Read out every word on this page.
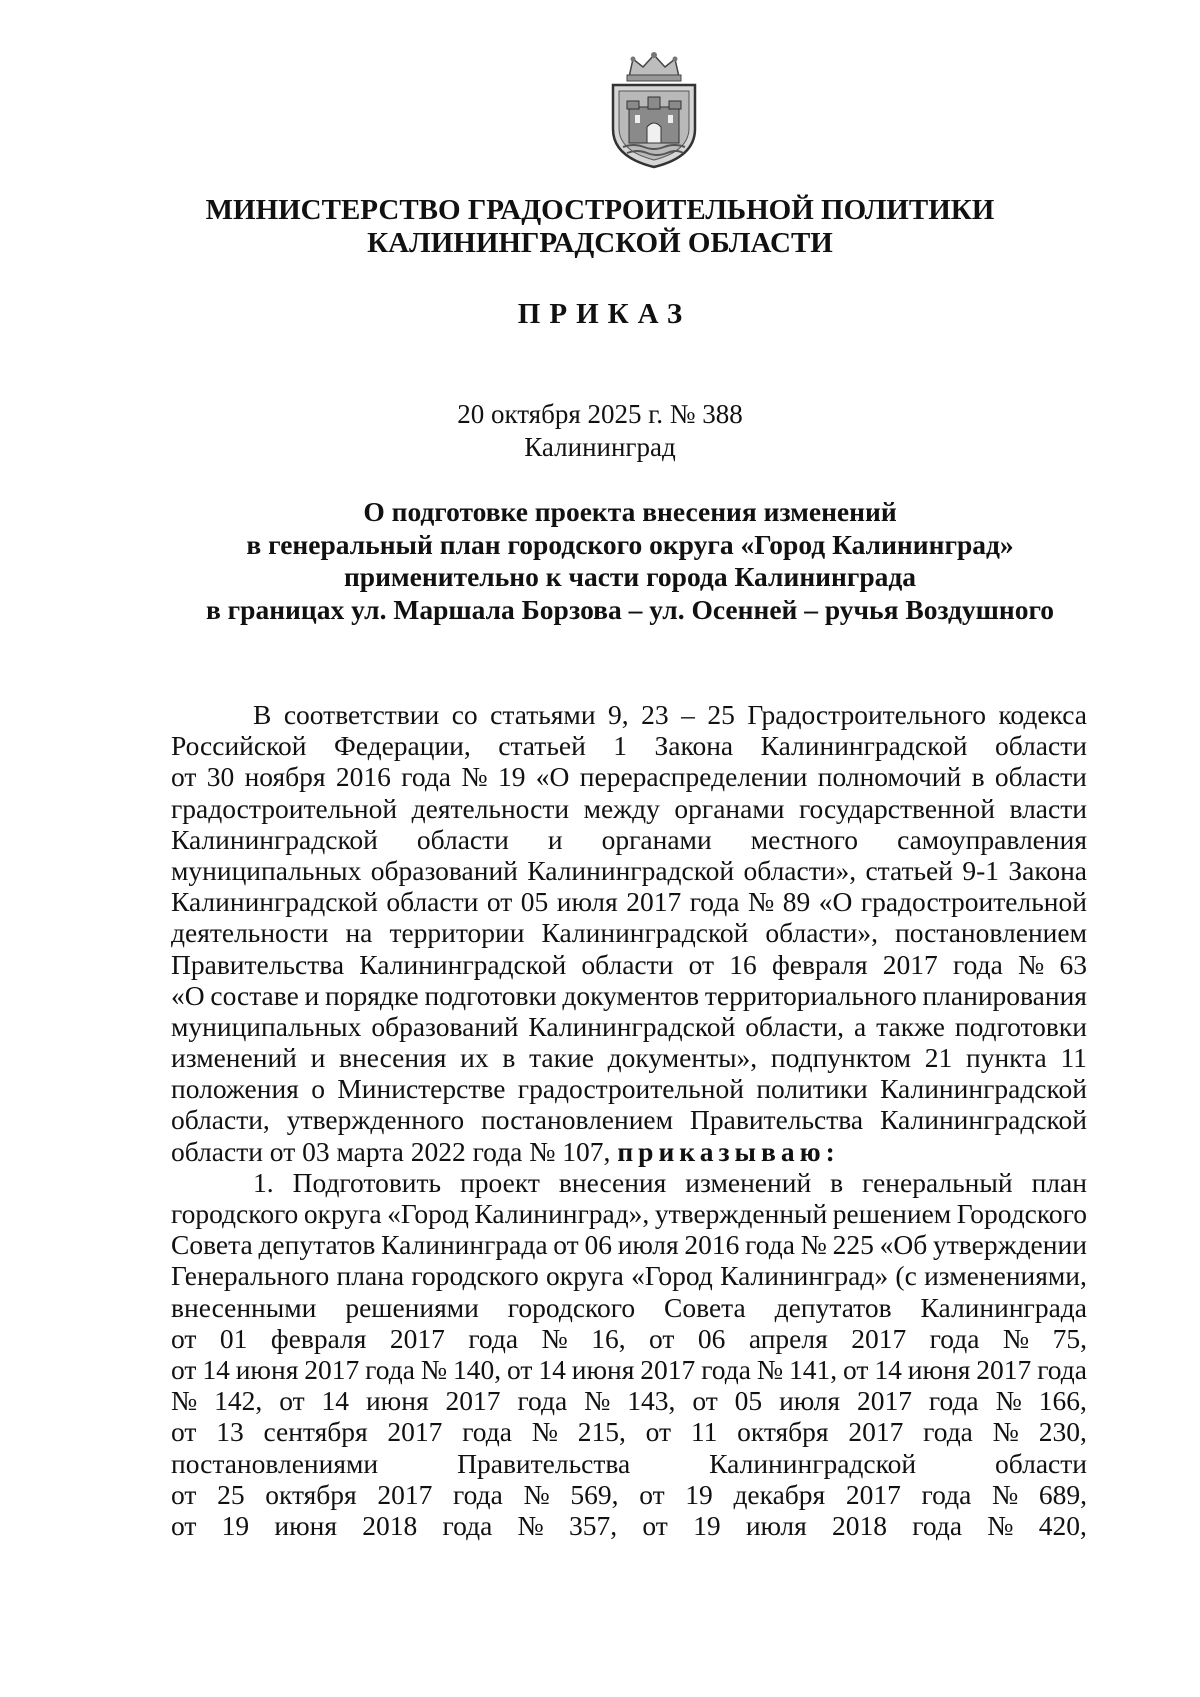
МИНИСТЕРСТВО ГРАДОСТРОИТЕЛЬНОЙ ПОЛИТИКИ
КАЛИНИНГРАДСКОЙ ОБЛАСТИ
ПРИКАЗ
20 октября 2025 г. № 388
Калининград
О подготовке проекта внесения изменений
в генеральный план городского округа «Город Калининград»
применительно к части города Калининграда
в границах ул. Маршала Борзова – ул. Осенней – ручья Воздушного
В соответствии со статьями 9, 23 – 25 Градостроительного кодекса
Российской Федерации, статьей 1 Закона Калининградской области
от 30 ноября 2016 года № 19 «О перераспределении полномочий в области
градостроительной деятельности между органами государственной власти
Калининградской области и органами местного самоуправления
муниципальных образований Калининградской области», статьей 9-1 Закона
Калининградской области от 05 июля 2017 года № 89 «О градостроительной
деятельности на территории Калининградской области», постановлением
Правительства Калининградской области от 16 февраля 2017 года № 63
«О составе и порядке подготовки документов территориального планирования
муниципальных образований Калининградской области, а также подготовки
изменений и внесения их в такие документы», подпунктом 21 пункта 11
положения о Министерстве градостроительной политики Калининградской
области, утвержденного постановлением Правительства Калининградской
области от 03 марта 2022 года № 107, приказываю:
1. Подготовить проект внесения изменений в генеральный план
городского округа «Город Калининград», утвержденный решением Городского
Совета депутатов Калининграда от 06 июля 2016 года № 225 «Об утверждении
Генерального плана городского округа «Город Калининград» (с изменениями,
внесенными решениями городского Совета депутатов Калининграда
от 01 февраля 2017 года № 16, от 06 апреля 2017 года № 75,
от 14 июня 2017 года № 140, от 14 июня 2017 года № 141, от 14 июня 2017 года
№ 142, от 14 июня 2017 года № 143, от 05 июля 2017 года № 166,
от 13 сентября 2017 года № 215, от 11 октября 2017 года № 230,
постановлениями	Правительства	Калининградской	области
от 25 октября 2017 года № 569, от 19 декабря 2017 года № 689,
от 19 июня 2018 года № 357, от 19 июля 2018 года № 420,
